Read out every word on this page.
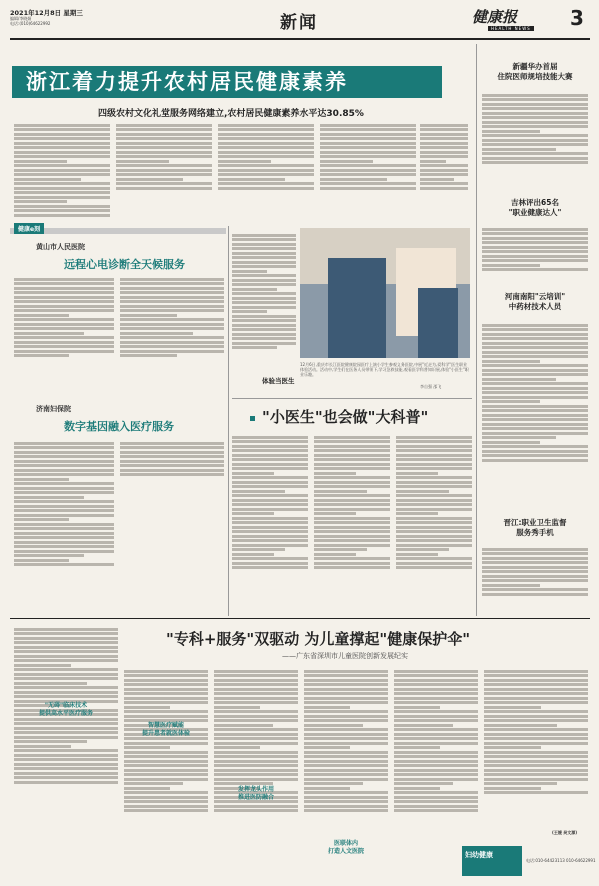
2021年12月8日 星期三
编辑/李晓娟
电话:(010)64622992	新闻	健康报
HEALTH NEWS 3
浙江着力提升农村居民健康素养
四级农村文化礼堂服务网络建立,农村居民健康素养水平达30.85%
新疆华办首届
住院医师规培技能大赛
吉林评出65名
"职业健康达人"
河南南阳"云培训"
中药材技术人员
晋江:职业卫生监督
服务秀手机
健康e刻
黄山市人民医院
远程心电诊断全天候服务
济南妇保院
数字基因融入医疗服务
体验当医生
12月6日,重庆市长江医院健康院园医疗上演小学生参观义务医院,中展"近走为,爱科学"医生职业体验活动。活动中,学生们在医务人员带领下,学习急救技能,观看医学科普知识展,体验"小医生"职业乐趣。
李自强 邵飞
"小医生"也会做"大科普"
"专科+服务"双驱动 为儿童撑起"健康保护伞"
——广东省深圳市儿童医院创新发展纪实
"无碍"临床技术
提供高水平医疗服务
智慧医疗赋能
提升患者就医体验
发挥龙头作用
推进医防融合
医联体内
打造人文医院
(王媛 吴文源)
妇幼健康
电话:010-64423113 010-64622991
